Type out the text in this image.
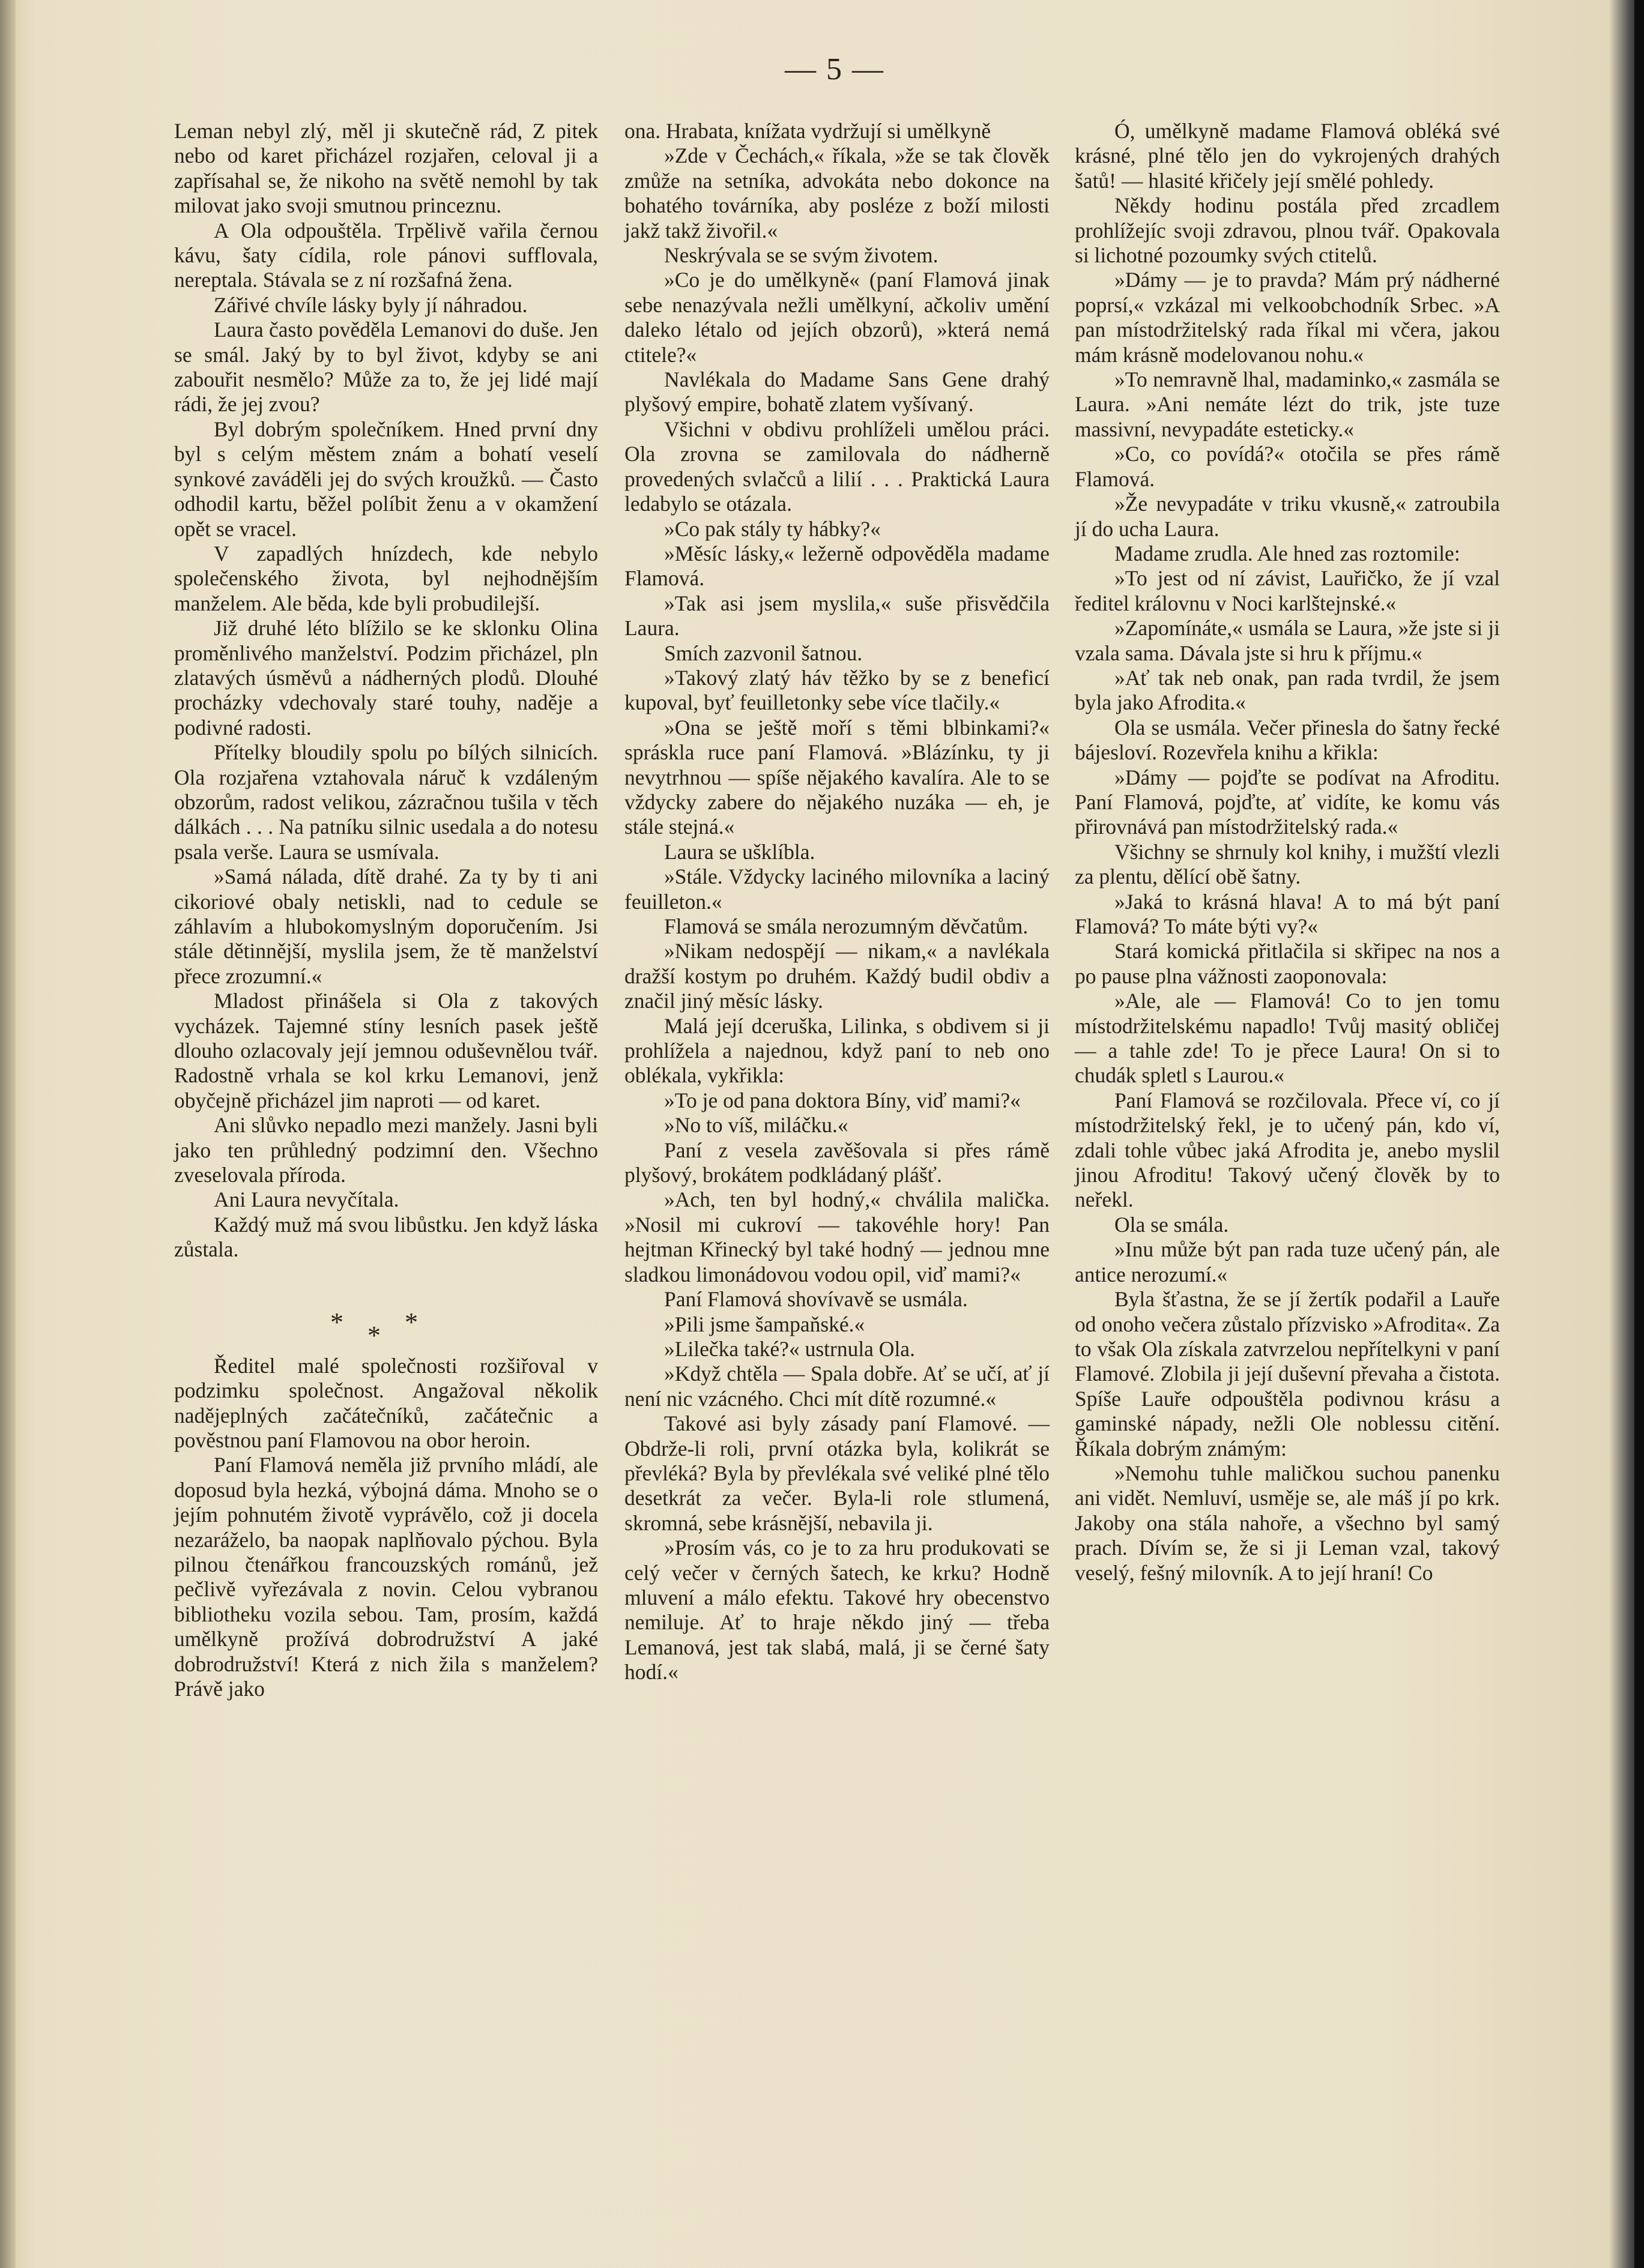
— 5 —

Leman nebyl zlý, měl ji skutečně rád, Z pitek nebo od karet přicházel rozjařen, celoval ji a zapřísahal se, že nikoho na světě nemohl by tak milovat jako svoji smutnou princeznu.

A Ola odpouštěla. Trpělivě vařila černou kávu, šaty cídila, role pánovi sufflovala, nereptala. Stávala se z ní rozšafná žena.

Zářivé chvíle lásky byly jí náhradou.

Laura často pověděla Lemanovi do duše. Jen se smál. Jaký by to byl život, kdyby se ani zabouřit nesmělo? Může za to, že jej lidé mají rádi, že jej zvou?

Byl dobrým společníkem. Hned první dny byl s celým městem znám a bohatí veselí synkové zaváděli jej do svých kroužků. — Často odhodil kartu, běžel políbit ženu a v okamžení opět se vracel.

V zapadlých hnízdech, kde nebylo společenského života, byl nejhodnějším manželem. Ale běda, kde byli probudilejší.

Již druhé léto blížilo se ke sklonku Olina proměnlivého manželství. Podzim přicházel, pln zlatavých úsměvů a nádherných plodů. Dlouhé procházky vdechovaly staré touhy, naděje a podivné radosti.

Přítelky bloudily spolu po bílých silnicích. Ola rozjařena vztahovala náruč k vzdáleným obzorům, radost velikou, zázračnou tušila v těch dálkách . . . Na patníku silnic usedala a do notesu psala verše. Laura se usmívala.

»Samá nálada, dítě drahé. Za ty by ti ani cikoriové obaly netiskli, nad to cedule se záhlavím a hlubokomyslným doporučením. Jsi stále dětinnější, myslila jsem, že tě manželství přece zrozumní.«

Mladost přinášela si Ola z takových vycházek. Tajemné stíny lesních pasek ještě dlouho ozlacovaly její jemnou oduševnělou tvář. Radostně vrhala se kol krku Lemanovi, jenž obyčejně přicházel jim naproti — od karet.

Ani slůvko nepadlo mezi manžely. Jasni byli jako ten průhledný podzimní den. Všechno zveselovala příroda.

Ani Laura nevyčítala.

Každý muž má svou libůstku. Jen když láska zůstala.

***

Ředitel malé společnosti rozšiřoval v podzimku společnost. Angažoval několik nadějeplných začátečníků, začátečnic a pověstnou paní Flamovou na obor heroin.

Paní Flamová neměla již prvního mládí, ale doposud byla hezká, výbojná dáma. Mnoho se o jejím pohnutém životě vyprávělo, což ji docela nezaráželo, ba naopak naplňovalo pýchou. Byla pilnou čtenářkou francouzských románů, jež pečlivě vyřezávala z novin. Celou vybranou bibliotheku vozila sebou. Tam, prosím, každá umělkyně prožívá dobrodružství A jaké dobrodružství! Která z nich žila s manželem? Právě jako

ona. Hrabata, knížata vydržují si umělkyně

»Zde v Čechách,« říkala, »že se tak člověk zmůže na setníka, advokáta nebo dokonce na bohatého továrníka, aby posléze z boží milosti jakž takž živořil.«

Neskrývala se se svým životem.

»Co je do umělkyně« (paní Flamová jinak sebe nenazývala nežli umělkyní, ačkoliv umění daleko létalo od jejích obzorů), »která nemá ctitele?«

Navlékala do Madame Sans Gene drahý plyšový empire, bohatě zlatem vyšívaný.

Všichni v obdivu prohlíželi umělou práci. Ola zrovna se zamilovala do nádherně provedených svlačců a lilií . . . Praktická Laura ledabylo se otázala.

»Co pak stály ty hábky?«

»Měsíc lásky,« ležerně odpověděla madame Flamová.

»Tak asi jsem myslila,« suše přisvědčila Laura.

Smích zazvonil šatnou.

»Takový zlatý háv těžko by se z beneficí kupoval, byť feuilletonky sebe více tlačily.«

»Ona se ještě moří s těmi blbinkami?« spráskla ruce paní Flamová. »Blázínku, ty ji nevytrhnou — spíše nějakého kavalíra. Ale to se vždycky zabere do nějakého nuzáka — eh, je stále stejná.«

Laura se ušklíbla.

»Stále. Vždycky laciného milovníka a laciný feuilleton.«

Flamová se smála nerozumným děvčatům.

»Nikam nedospějí — nikam,« a navlékala dražší kostym po druhém. Každý budil obdiv a značil jiný měsíc lásky.

Malá její dceruška, Lilinka, s obdivem si ji prohlížela a najednou, když paní to neb ono oblékala, vykřikla:

»To je od pana doktora Bíny, viď mami?«

»No to víš, miláčku.«

Paní z vesela zavěšovala si přes rámě plyšový, brokátem podkládaný plášť.

»Ach, ten byl hodný,« chválila malička. »Nosil mi cukroví — takovéhle hory! Pan hejtman Křinecký byl také hodný — jednou mne sladkou limonádovou vodou opil, viď mami?«

Paní Flamová shovívavě se usmála.

»Pili jsme šampaňské.«

»Lilečka také?« ustrnula Ola.

»Když chtěla — Spala dobře. Ať se učí, ať jí není nic vzácného. Chci mít dítě rozumné.«

Takové asi byly zásady paní Flamové. — Obdrže-li roli, první otázka byla, kolikrát se převléká? Byla by převlékala své veliké plné tělo desetkrát za večer. Byla-li role stlumená, skromná, sebe krásnější, nebavila ji.

»Prosím vás, co je to za hru produkovati se celý večer v černých šatech, ke krku? Hodně mluvení a málo efektu. Takové hry obecenstvo nemiluje. Ať to hraje někdo jiný — třeba Lemanová, jest tak slabá, malá, ji se černé šaty hodí.«

Ó, umělkyně madame Flamová obléká své krásné, plné tělo jen do vykrojených drahých šatů! — hlasité křičely její smělé pohledy.

Někdy hodinu postála před zrcadlem prohlížejíc svoji zdravou, plnou tvář. Opakovala si lichotné pozoumky svých ctitelů.

»Dámy — je to pravda? Mám prý nádherné poprsí,« vzkázal mi velkoobchodník Srbec. »A pan místodržitelský rada říkal mi včera, jakou mám krásně modelovanou nohu.«

»To nemravně lhal, madaminko,« zasmála se Laura. »Ani nemáte lézt do trik, jste tuze massivní, nevypadáte esteticky.«

»Co, co povídá?« otočila se přes rámě Flamová.

»Že nevypadáte v triku vkusně,« zatroubila jí do ucha Laura.

Madame zrudla. Ale hned zas roztomile:

»To jest od ní závist, Lauřičko, že jí vzal ředitel královnu v Noci karlštejnské.«

»Zapomínáte,« usmála se Laura, »že jste si ji vzala sama. Dávala jste si hru k příjmu.«

»Ať tak neb onak, pan rada tvrdil, že jsem byla jako Afrodita.«

Ola se usmála. Večer přinesla do šatny řecké bájesloví. Rozevřela knihu a křikla:

»Dámy — pojďte se podívat na Afroditu. Paní Flamová, pojďte, ať vidíte, ke komu vás přirovnává pan místodržitelský rada.«

Všichny se shrnuly kol knihy, i mužští vlezli za plentu, dělící obě šatny.

»Jaká to krásná hlava! A to má být paní Flamová? To máte býti vy?«

Stará komická přitlačila si skřipec na nos a po pause plna vážnosti zaoponovala:

»Ale, ale — Flamová! Co to jen tomu místodržitelskému napadlo! Tvůj masitý obličej — a tahle zde! To je přece Laura! On si to chudák spletl s Laurou.«

Paní Flamová se rozčilovala. Přece ví, co jí místodržitelský řekl, je to učený pán, kdo ví, zdali tohle vůbec jaká Afrodita je, anebo myslil jinou Afroditu! Takový učený člověk by to neřekl.

Ola se smála.

»Inu může být pan rada tuze učený pán, ale antice nerozumí.«

Byla šťastna, že se jí žertík podařil a Lauře od onoho večera zůstalo přízvisko »Afrodita«. Za to však Ola získala zatvrzelou nepřítelkyni v paní Flamové. Zlobila ji její duševní převaha a čistota. Spíše Lauře odpouštěla podivnou krásu a gaminské nápady, nežli Ole noblessu citění. Říkala dobrým známým:

»Nemohu tuhle maličkou suchou panenku ani vidět. Nemluví, usměje se, ale máš jí po krk. Jakoby ona stála nahoře, a všechno byl samý prach. Dívím se, že si ji Leman vzal, takový veselý, fešný milovník. A to její hraní! Co
